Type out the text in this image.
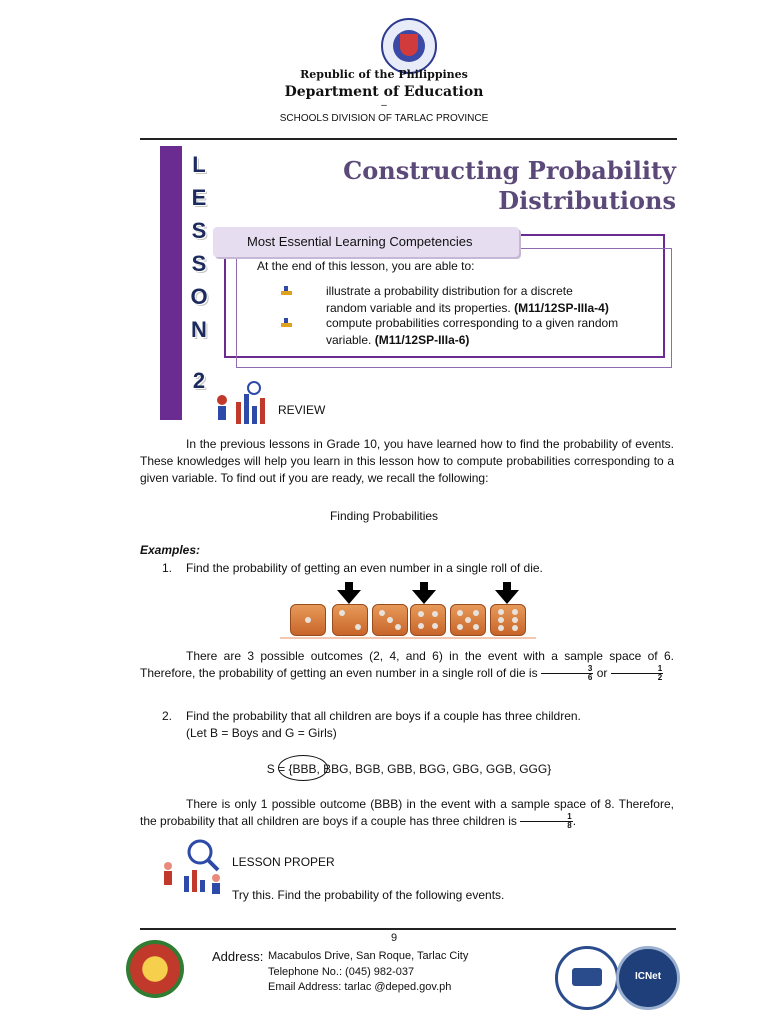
Republic of the Philippines
Department of Education
–
SCHOOLS DIVISION OF TARLAC PROVINCE
L
E
S
S
O
N
2
Constructing Probability
Distributions
Most Essential Learning Competencies
At the end of this lesson, you are able to:
illustrate a probability distribution for a discrete
random variable and its properties. (M11/12SP-IIIa-4)
compute probabilities corresponding to a given random
variable. (M11/12SP-IIIa-6)
REVIEW
In the previous lessons in Grade 10, you have learned how to find the probability of events. These knowledges will help you learn in this lesson how to compute probabilities corresponding to a given variable. To find out if you are ready, we recall the following:
Finding Probabilities
Examples:
1. Find the probability of getting an even number in a single roll of die.
There are 3 possible outcomes (2, 4, and 6) in the event with a sample space of 6. Therefore, the probability of getting an even number in a single roll of die is $\frac{3}{6}$ or $\frac{1}{2}$
2. Find the probability that all children are boys if a couple has three children.
(Let B = Boys and G = Girls)
S = {BBB, BBG, BGB, GBB, BGG, GBG, GGB, GGG}
There is only 1 possible outcome (BBB) in the event with a sample space of 8. Therefore, the probability that all children are boys if a couple has three children is $\frac{1}{8}$ .
LESSON PROPER
Try this. Find the probability of the following events.
9
Address: Macabulos Drive, San Roque, Tarlac City
Telephone No.: (045) 982-037
Email Address: tarlac @deped.gov.ph
ICNet
